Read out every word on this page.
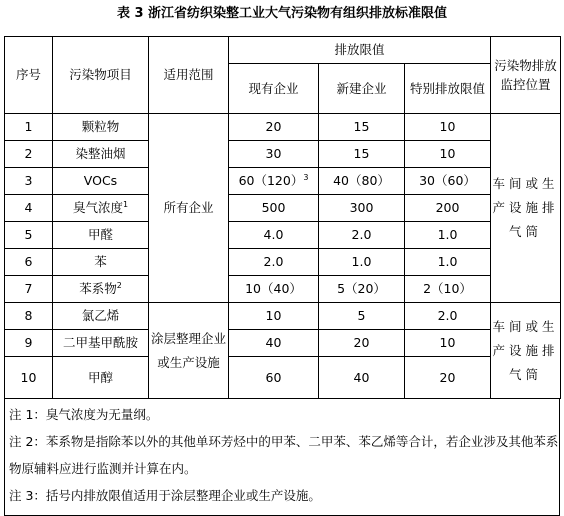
表 3 浙江省纺织染整工业大气污染物有组织排放标准限值
序号	污染物项目	适用范围	排放限值			污染物排放监控位置
			现有企业	新建企业	特别排放限值	
1	颗粒物	所有企业	20	15	10	车间或生产设施排气筒
2	染整油烟		30	15	10	
3	VOCs		$60(120)^3$	40（80）	30（60）	
4	臭气浓度$^1$		500	300	200	
5	甲醛		4.0	2.0	1.0	
6	苯		2.0	1.0	1.0	
7	苯系物$^2$		10（40）	5（20）	2（10）	
8	氯乙烯	涂层整理企业或生产设施	10	5	2.0	车间或生产设施排气筒
9	二甲基甲酰胺		40	20	10	
10	甲醇		60	40	20	

注 1：臭气浓度为无量纲。

注 2：苯系物是指除苯以外的其他单环芳烃中的甲苯、二甲苯、苯乙烯等合计，若企业涉及其他苯系物原辅料应进行监测并计算在内。

注 3：括号内排放限值适用于涂层整理企业或生产设施。
